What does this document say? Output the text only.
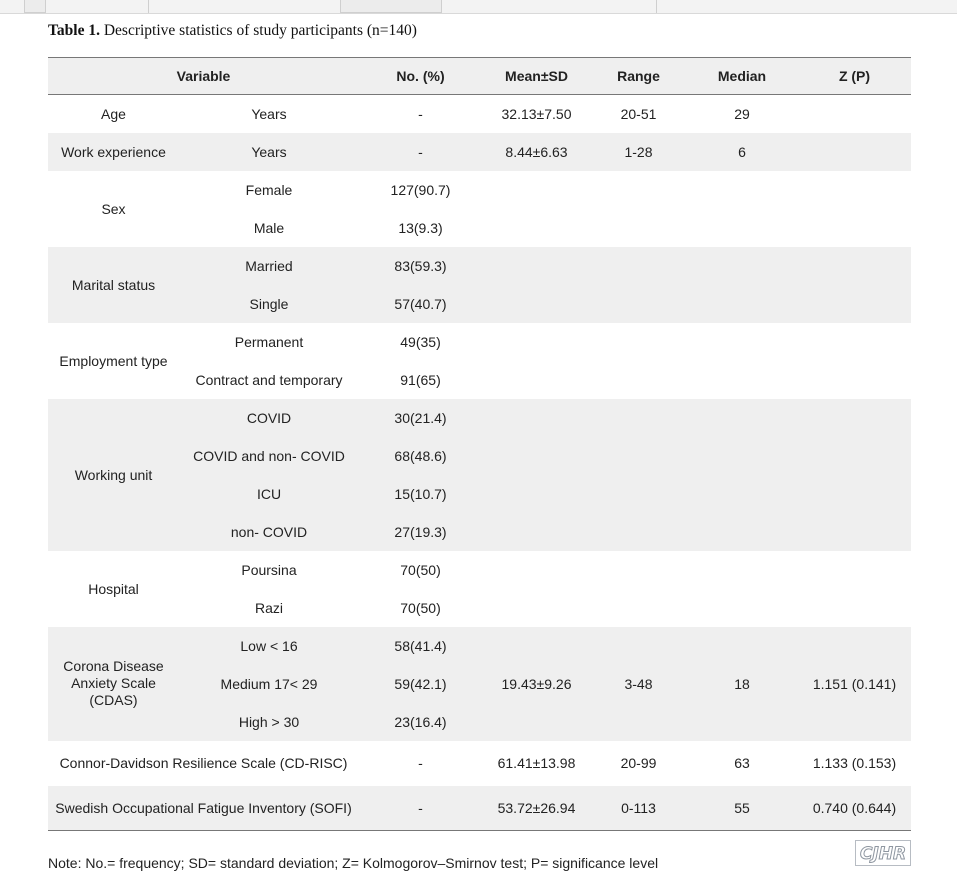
Table 1. Descriptive statistics of study participants (n=140)
Variable		No. (%)	Mean±SD	Range	Median	Z (P)
Age	Years	-	32.13±7.50	20-51	29	
Work experience	Years	-	8.44±6.63	1-28	6	
Sex	Female	127(90.7)				
	Male	13(9.3)				
Marital status	Married	83(59.3)				
	Single	57(40.7)				
Employment type	Permanent	49(35)				
	Contract and temporary	91(65)				
Working unit	COVID	30(21.4)				
	COVID and non- COVID	68(48.6)				
	ICU	15(10.7)				
	non- COVID	27(19.3)				
Hospital	Poursina	70(50)				
	Razi	70(50)				

Corona Disease
Anxiety Scale
(CDAS)	Low < 16	58(41.4)	19.43±9.26	3-48	18	1.151 (0.141)
	Medium 17< 29	59(42.1)				
	High > 30	23(16.4)				
Connor-Davidson Resilience Scale (CD-RISC)		-	61.41±13.98	20-99	63	1.133 (0.153)
Swedish Occupational Fatigue Inventory (SOFI)		-	53.72±26.94	0-113	55	0.740 (0.644)
Note: No.= frequency; SD= standard deviation; Z= Kolmogorov–Smirnov test; P= significance level	CJHR
